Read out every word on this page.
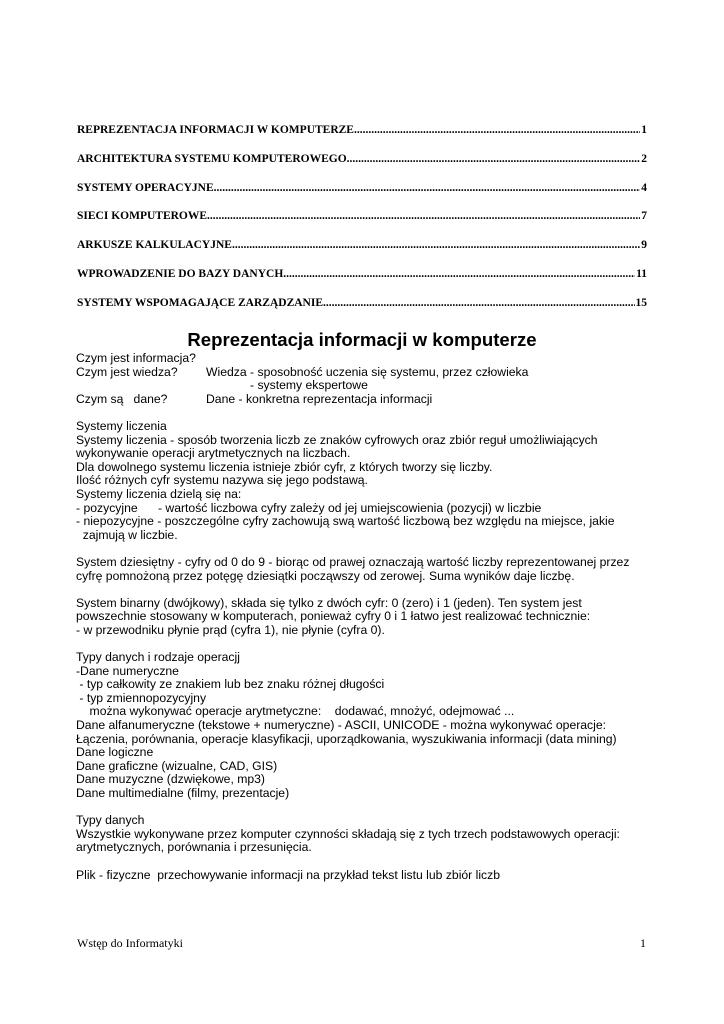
REPREZENTACJA INFORMACJI W KOMPUTERZE .....	1
ARCHITEKTURA SYSTEMU KOMPUTEROWEGO .....	2
SYSTEMY OPERACYJNE .....	4
SIECI KOMPUTEROWE .....	7
ARKUSZE KALKULACYJNE .....	9
WPROWADZENIE DO BAZY DANYCH .....	11
SYSTEMY WSPOMAGAJĄCE ZARZĄDZANIE .....	15
Reprezentacja informacji w komputerze
Czym jest informacja?
Czym jest wiedza? Wiedza - sposobność uczenia się systemu, przez człowieka
- systemy ekspertowe
Czym są   dane?	Dane - konkretna reprezentacja informacji
Systemy liczenia
Systemy liczenia - sposób tworzenia liczb ze znaków cyfrowych oraz zbiór reguł umożliwiających
wykonywanie operacji arytmetycznych na liczbach.
Dla dowolnego systemu liczenia istnieje zbiór cyfr, z których tworzy się liczby.
Ilość różnych cyfr systemu nazywa się jego podstawą.
Systemy liczenia dzielą się na:
- pozycyjne      - wartość liczbowa cyfry zależy od jej umiejscowienia (pozycji) w liczbie
- niepozycyjne - poszczególne cyfry zachowują swą wartość liczbową bez względu na miejsce, jakie
zajmują w liczbie.
System dziesiętny - cyfry od 0 do 9 - biorąc od prawej oznaczają wartość liczby reprezentowanej przez
cyfrę pomnożoną przez potęgę dziesiątki począwszy od zerowej. Suma wyników daje liczbę.
System binarny (dwójkowy), składa się tylko z dwóch cyfr: 0 (zero) i 1 (jeden). Ten system jest
powszechnie stosowany w komputerach, ponieważ cyfry 0 i 1 łatwo jest realizować technicznie:
- w przewodniku płynie prąd (cyfra 1), nie płynie (cyfra 0).
Typy danych i rodzaje operacjj
-Dane numeryczne
- typ całkowity ze znakiem lub bez znaku różnej długości
- typ zmiennopozycyjny
można wykonywać operacje arytmetyczne:    dodawać, mnożyć, odejmować ...
Dane alfanumeryczne (tekstowe + numeryczne) - ASCII, UNICODE - można wykonywać operacje:
Łączenia, porównania, operacje klasyfikacji, uporządkowania, wyszukiwania informacji (data mining)
Dane logiczne
Dane graficzne (wizualne, CAD, GIS)
Dane muzyczne (dzwiękowe, mp3)
Dane multimedialne (filmy, prezentacje)
Typy danych
Wszystkie wykonywane przez komputer czynności składają się z tych trzech podstawowych operacji:
arytmetycznych, porównania i przesunięcia.
Plik - fizyczne  przechowywanie informacji na przykład tekst listu lub zbiór liczb
Wstęp do Informatyki	1
